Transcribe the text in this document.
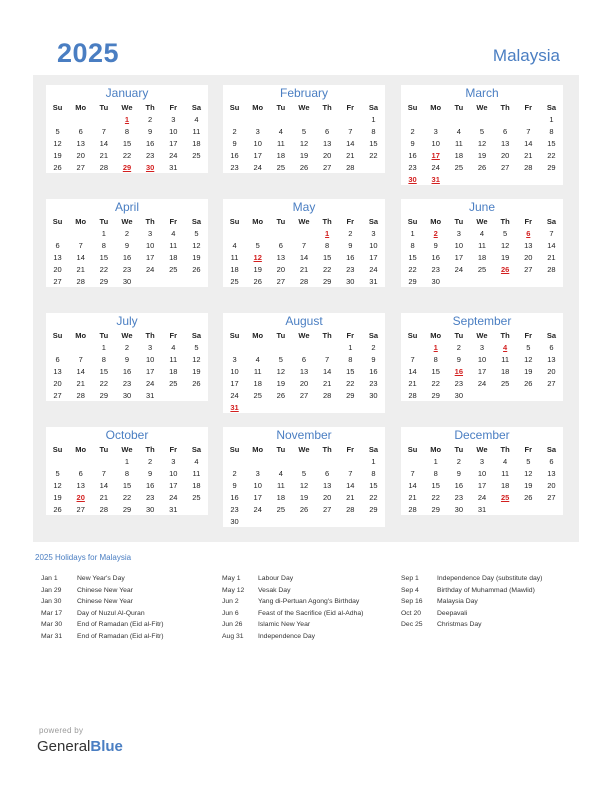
2025	Malaysia
January
Su	Mo	Tu	We	Th	Fr	Sa
			1	2	3	4
5	6	7	8	9	10	11
12	13	14	15	16	17	18
19	20	21	22	23	24	25
26	27	28	29	30	31	
February
Su	Mo	Tu	We	Th	Fr	Sa
						1
2	3	4	5	6	7	8
9	10	11	12	13	14	15
16	17	18	19	20	21	22
23	24	25	26	27	28	
March
Su	Mo	Tu	We	Th	Fr	Sa
						1
2	3	4	5	6	7	8
9	10	11	12	13	14	15
16	17	18	19	20	21	22
23	24	25	26	27	28	29
30	31					
April
Su	Mo	Tu	We	Th	Fr	Sa
		1	2	3	4	5
6	7	8	9	10	11	12
13	14	15	16	17	18	19
20	21	22	23	24	25	26
27	28	29	30			
May
Su	Mo	Tu	We	Th	Fr	Sa
				1	2	3
4	5	6	7	8	9	10
11	12	13	14	15	16	17
18	19	20	21	22	23	24
25	26	27	28	29	30	31
June
Su	Mo	Tu	We	Th	Fr	Sa
1	2	3	4	5	6	7
8	9	10	11	12	13	14
15	16	17	18	19	20	21
22	23	24	25	26	27	28
29	30					
July
Su	Mo	Tu	We	Th	Fr	Sa
		1	2	3	4	5
6	7	8	9	10	11	12
13	14	15	16	17	18	19
20	21	22	23	24	25	26
27	28	29	30	31		
August
Su	Mo	Tu	We	Th	Fr	Sa
					1	2
3	4	5	6	7	8	9
10	11	12	13	14	15	16
17	18	19	20	21	22	23
24	25	26	27	28	29	30
31						
September
Su	Mo	Tu	We	Th	Fr	Sa
	1	2	3	4	5	6
7	8	9	10	11	12	13
14	15	16	17	18	19	20
21	22	23	24	25	26	27
28	29	30				
October
Su	Mo	Tu	We	Th	Fr	Sa
			1	2	3	4
5	6	7	8	9	10	11
12	13	14	15	16	17	18
19	20	21	22	23	24	25
26	27	28	29	30	31	
November
Su	Mo	Tu	We	Th	Fr	Sa
						1
2	3	4	5	6	7	8
9	10	11	12	13	14	15
16	17	18	19	20	21	22
23	24	25	26	27	28	29
30						
December
Su	Mo	Tu	We	Th	Fr	Sa
	1	2	3	4	5	6
7	8	9	10	11	12	13
14	15	16	17	18	19	20
21	22	23	24	25	26	27
28	29	30	31			
2025 Holidays for Malaysia
Jan 1	New Year's Day
Jan 29	Chinese New Year
Jan 30	Chinese New Year
Mar 17	Day of Nuzul Al-Quran
Mar 30	End of Ramadan (Eid al-Fitr)
Mar 31	End of Ramadan (Eid al-Fitr)
May 1	Labour Day
May 12	Vesak Day
Jun 2	Yang di-Pertuan Agong's Birthday
Jun 6	Feast of the Sacrifice (Eid al-Adha)
Jun 26	Islamic New Year
Aug 31	Independence Day
Sep 1	Independence Day (substitute day)
Sep 4	Birthday of Muhammad (Mawlid)
Sep 16	Malaysia Day
Oct 20	Deepavali
Dec 25	Christmas Day
powered by
GeneralBlue
